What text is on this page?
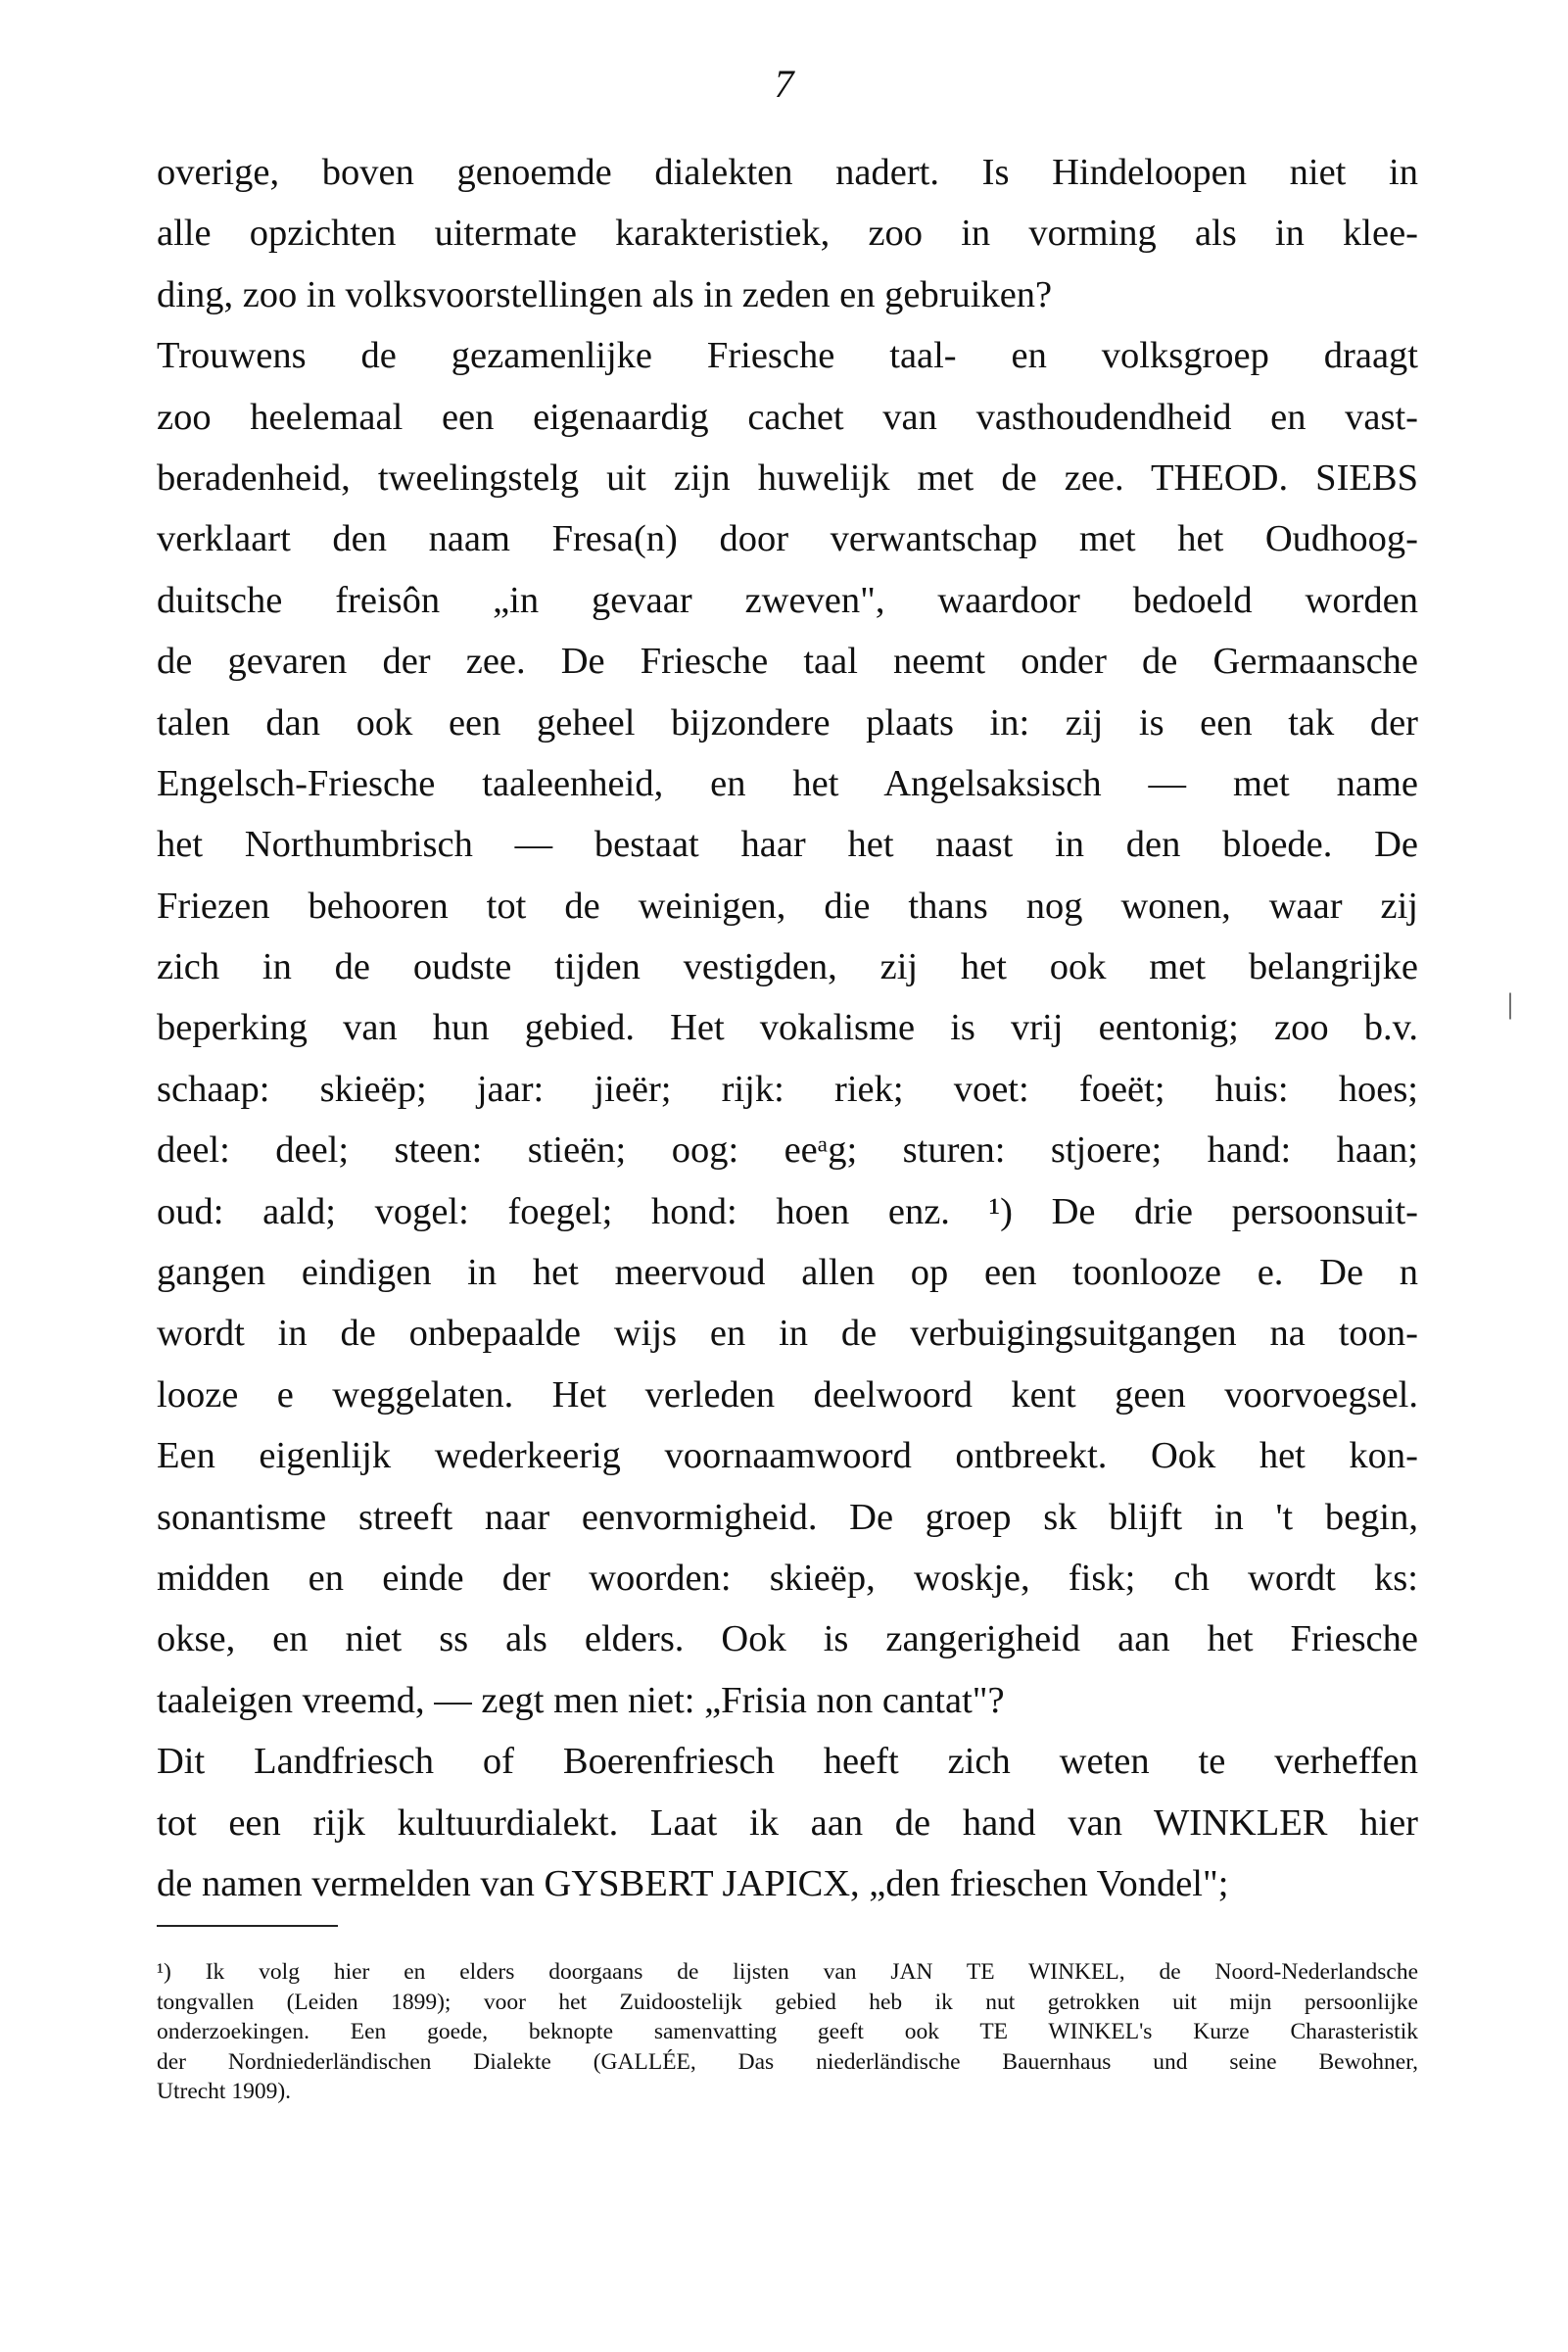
7
overige, boven genoemde dialekten nadert. Is Hindeloopen niet in
alle opzichten uitermate karakteristiek, zoo in vorming als in klee-
ding, zoo in volksvoorstellingen als in zeden en gebruiken?
Trouwens de gezamenlijke Friesche taal- en volksgroep draagt
zoo heelemaal een eigenaardig cachet van vasthoudendheid en vast-
beradenheid, tweelingstelg uit zijn huwelijk met de zee. THEOD. SIEBS
verklaart den naam Fresa(n) door verwantschap met het Oudhoog-
duitsche freisôn „in gevaar zweven", waardoor bedoeld worden
de gevaren der zee. De Friesche taal neemt onder de Germaansche
talen dan ook een geheel bijzondere plaats in: zij is een tak der
Engelsch-Friesche taaleenheid, en het Angelsaksisch — met name
het Northumbrisch — bestaat haar het naast in den bloede. De
Friezen behooren tot de weinigen, die thans nog wonen, waar zij
zich in de oudste tijden vestigden, zij het ook met belangrijke
beperking van hun gebied. Het vokalisme is vrij eentonig; zoo b.v.
schaap: skieëp; jaar: jieër; rijk: riek; voet: foeët; huis: hoes;
deel: deel; steen: stieën; oog: eeᵃg; sturen: stjoere; hand: haan;
oud: aald; vogel: foegel; hond: hoen enz. ¹) De drie persoonsuit-
gangen eindigen in het meervoud allen op een toonlooze e. De n
wordt in de onbepaalde wijs en in de verbuigingsuitgangen na toon-
looze e weggelaten. Het verleden deelwoord kent geen voorvoegsel.
Een eigenlijk wederkeerig voornaamwoord ontbreekt. Ook het kon-
sonantisme streeft naar eenvormigheid. De groep sk blijft in 't begin,
midden en einde der woorden: skieëp, woskje, fisk; ch wordt ks:
okse, en niet ss als elders. Ook is zangerigheid aan het Friesche
taaleigen vreemd, — zegt men niet: „Frisia non cantat"?
Dit Landfriesch of Boerenfriesch heeft zich weten te verheffen
tot een rijk kultuurdialekt. Laat ik aan de hand van WINKLER hier
de namen vermelden van GYSBERT JAPICX, „den frieschen Vondel";
|
¹) Ik volg hier en elders doorgaans de lijsten van JAN TE WINKEL, de Noord-Nederlandsche
tongvallen (Leiden 1899); voor het Zuidoostelijk gebied heb ik nut getrokken uit mijn persoonlijke
onderzoekingen. Een goede, beknopte samenvatting geeft ook TE WINKEL's Kurze Charasteristik
der Nordniederländischen Dialekte (GALLÉE, Das niederländische Bauernhaus und seine Bewohner,
Utrecht 1909).
